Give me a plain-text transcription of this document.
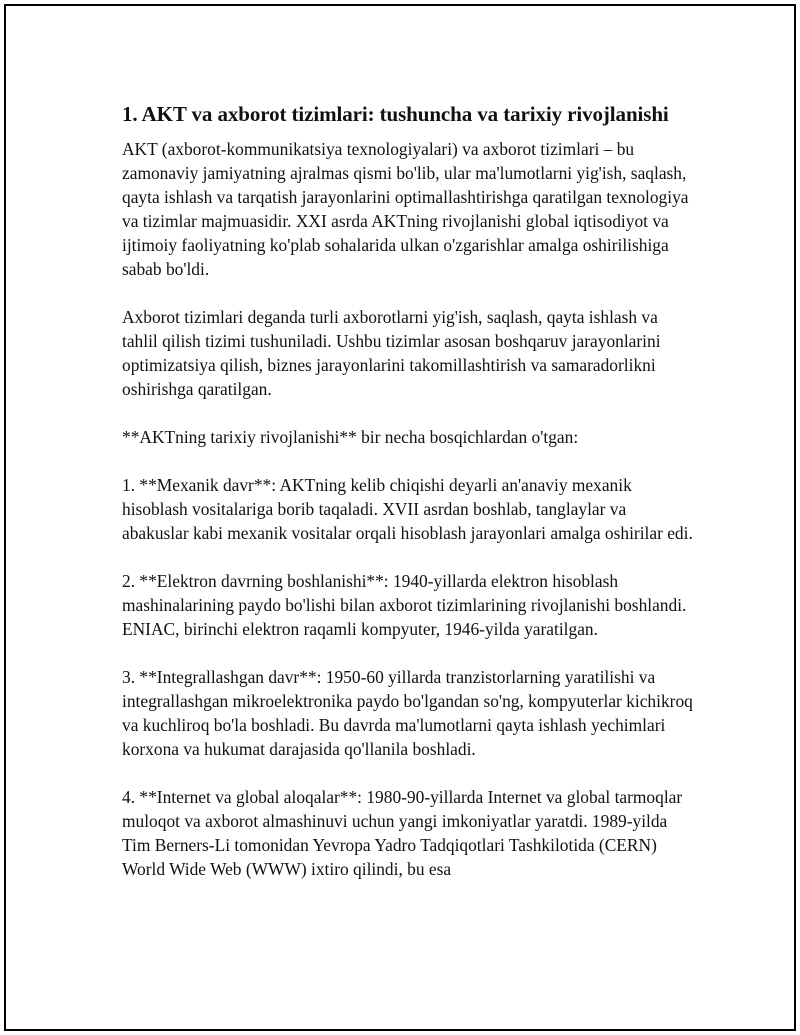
1. AKT va axborot tizimlari: tushuncha va tarixiy rivojlanishi

AKT (axborot-kommunikatsiya texnologiyalari) va axborot tizimlari – bu zamonaviy jamiyatning ajralmas qismi bo'lib, ular ma'lumotlarni yig'ish, saqlash, qayta ishlash va tarqatish jarayonlarini optimallashtirishga qaratilgan texnologiya va tizimlar majmuasidir. XXI asrda AKTning rivojlanishi global iqtisodiyot va ijtimoiy faoliyatning ko'plab sohalarida ulkan o'zgarishlar amalga oshirilishiga sabab bo'ldi.

Axborot tizimlari deganda turli axborotlarni yig'ish, saqlash, qayta ishlash va tahlil qilish tizimi tushuniladi. Ushbu tizimlar asosan boshqaruv jarayonlarini optimizatsiya qilish, biznes jarayonlarini takomillashtirish va samaradorlikni oshirishga qaratilgan.

**AKTning tarixiy rivojlanishi** bir necha bosqichlardan o'tgan:

1. **Mexanik davr**: AKTning kelib chiqishi deyarli an'anaviy mexanik hisoblash vositalariga borib taqaladi. XVII asrdan boshlab, tanglaylar va abakuslar kabi mexanik vositalar orqali hisoblash jarayonlari amalga oshirilar edi.

2. **Elektron davrning boshlanishi**: 1940-yillarda elektron hisoblash mashinalarining paydo bo'lishi bilan axborot tizimlarining rivojlanishi boshlandi. ENIAC, birinchi elektron raqamli kompyuter, 1946-yilda yaratilgan.

3. **Integrallashgan davr**: 1950-60 yillarda tranzistorlarning yaratilishi va integrallashgan mikroelektronika paydo bo'lgandan so'ng, kompyuterlar kichikroq va kuchliroq bo'la boshladi. Bu davrda ma'lumotlarni qayta ishlash yechimlari korxona va hukumat darajasida qo'llanila boshladi.

4. **Internet va global aloqalar**: 1980-90-yillarda Internet va global tarmoqlar muloqot va axborot almashinuvi uchun yangi imkoniyatlar yaratdi. 1989-yilda Tim Berners-Li tomonidan Yevropa Yadro Tadqiqotlari Tashkilotida (CERN) World Wide Web (WWW) ixtiro qilindi, bu esa
